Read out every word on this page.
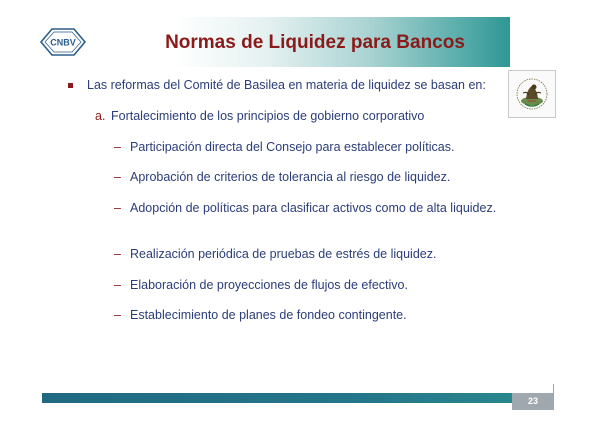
CNBV	Normas de Liquidez para Bancos
Las reformas del Comité de Basilea en materia de liquidez se basan en:
a. Fortalecimiento de los principios de gobierno corporativo
– Participación directa del Consejo para establecer políticas.
– Aprobación de criterios de tolerancia al riesgo de liquidez.
– Adopción de políticas para clasificar activos como de alta liquidez.
– Realización periódica de pruebas de estrés de liquidez.
– Elaboración de proyecciones de flujos de efectivo.
– Establecimiento de planes de fondeo contingente.
23
